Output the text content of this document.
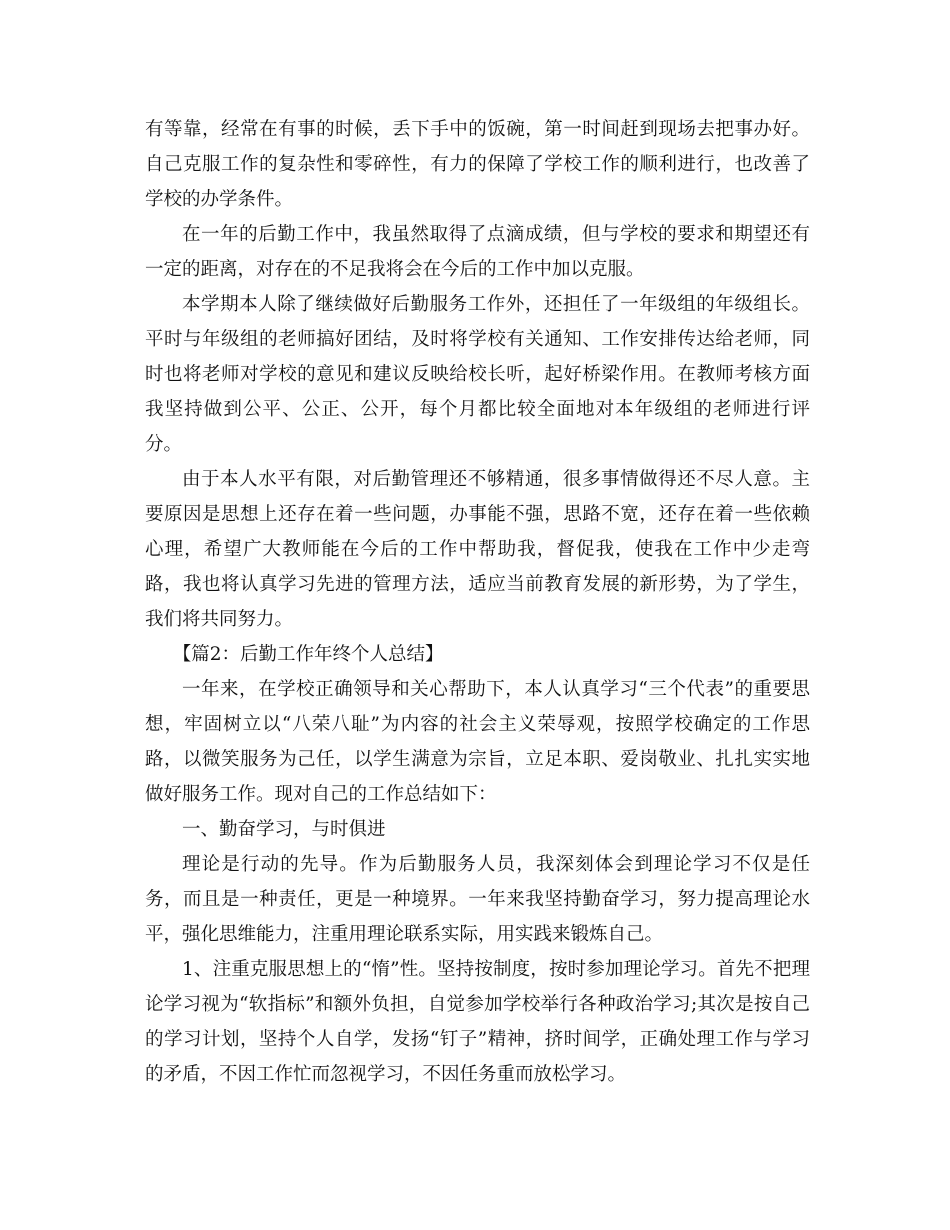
有等靠，经常在有事的时候，丢下手中的饭碗，第一时间赶到现场去把事办好。自己克服工作的复杂性和零碎性，有力的保障了学校工作的顺利进行，也改善了学校的办学条件。

在一年的后勤工作中，我虽然取得了点滴成绩，但与学校的要求和期望还有一定的距离，对存在的不足我将会在今后的工作中加以克服。

本学期本人除了继续做好后勤服务工作外，还担任了一年级组的年级组长。平时与年级组的老师搞好团结，及时将学校有关通知、工作安排传达给老师，同时也将老师对学校的意见和建议反映给校长听，起好桥梁作用。在教师考核方面我坚持做到公平、公正、公开，每个月都比较全面地对本年级组的老师进行评分。

由于本人水平有限，对后勤管理还不够精通，很多事情做得还不尽人意。主要原因是思想上还存在着一些问题，办事能不强，思路不宽，还存在着一些依赖心理，希望广大教师能在今后的工作中帮助我，督促我，使我在工作中少走弯路，我也将认真学习先进的管理方法，适应当前教育发展的新形势，为了学生，我们将共同努力。

【篇2：后勤工作年终个人总结】

一年来，在学校正确领导和关心帮助下，本人认真学习“三个代表”的重要思想，牢固树立以“八荣八耻”为内容的社会主义荣辱观，按照学校确定的工作思路，以微笑服务为己任，以学生满意为宗旨，立足本职、爱岗敬业、扎扎实实地做好服务工作。现对自己的工作总结如下：

一、勤奋学习，与时俱进

理论是行动的先导。作为后勤服务人员，我深刻体会到理论学习不仅是任务，而且是一种责任，更是一种境界。一年来我坚持勤奋学习，努力提高理论水平，强化思维能力，注重用理论联系实际，用实践来锻炼自己。

1、注重克服思想上的“惰”性。坚持按制度，按时参加理论学习。首先不把理论学习视为“软指标”和额外负担，自觉参加学校举行各种政治学习;其次是按自己的学习计划，坚持个人自学，发扬“钉子”精神，挤时间学，正确处理工作与学习的矛盾，不因工作忙而忽视学习，不因任务重而放松学习。
